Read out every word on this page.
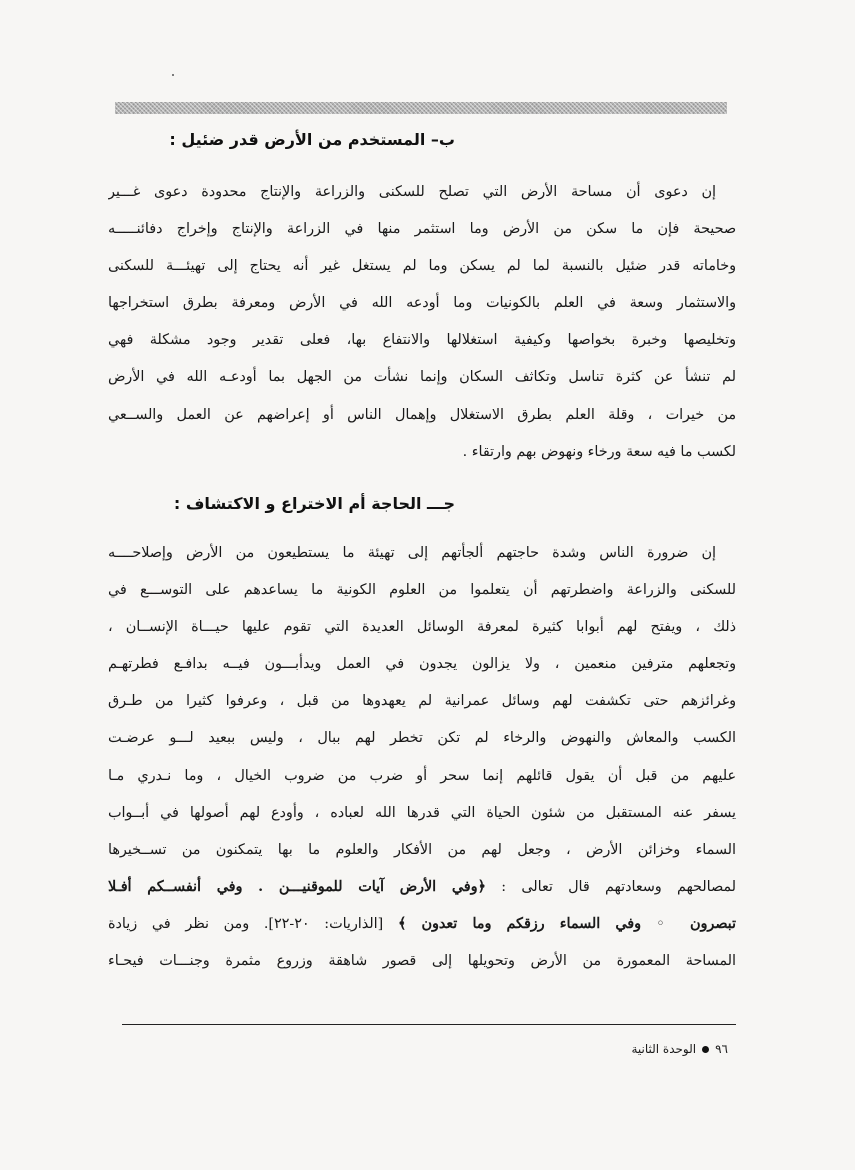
ب– المستخدم من الأرض قدر ضئيل :
إن دعوى أن مساحة الأرض التي تصلح للسكنى والزراعة والإنتاج محدودة دعوى غـــير
صحيحة فإن ما سكن من الأرض وما استثمر منها في الزراعة والإنتاج وإخراج دفائنـــــه
وخاماته قدر ضئيل بالنسبة لما لم يسكن وما لم يستغل غير أنه يحتاج إلى تهيئـــة للسكنى
والاستثمار وسعة في العلم بالكونيات وما أودعه الله في الأرض ومعرفة بطرق استخراجها
وتخليصها وخبرة بخواصها وكيفية استغلالها والانتفاع بها، فعلى تقدير وجود مشكلة فهي
لم تنشأ عن كثرة تناسل وتكاثف السكان وإنما نشأت من الجهل بما أودعـه الله في الأرض
من خيرات ، وقلة العلم بطرق الاستغلال وإهمال الناس أو إعراضهم عن العمل والســعي
لكسب ما فيه سعة ورخاء ونهوض بهم وارتقاء .
جـــ الحاجة أم الاختراع و الاكتشاف :
إن ضرورة الناس وشدة حاجتهم ألجأتهم إلى تهيئة ما يستطيعون من الأرض وإصلاحــــه
للسكنى والزراعة واضطرتهم أن يتعلموا من العلوم الكونية ما يساعدهم على التوســـع في
ذلك ، ويفتح لهم أبوابا كثيرة لمعرفة الوسائل العديدة التي تقوم عليها حيـــاة الإنســان ،
وتجعلهم مترفين منعمين ، ولا يزالون يجدون في العمل ويدأبـــون فيــه بدافـع فطرتهـم
وغرائزهم حتى تكشفت لهم وسائل عمرانية لم يعهدوها من قبل ، وعرفوا كثيرا من طـرق
الكسب والمعاش والنهوض والرخاء لم تكن تخطر لهم ببال ، وليس ببعيد لـــو عرضـت
عليهم من قبل أن يقول قائلهم إنما سحر أو ضرب من ضروب الخيال ، وما نـدري مـا
يسفر عنه المستقبل من شئون الحياة التي قدرها الله لعباده ، وأودع لهم أصولها في أبــواب
السماء وخزائن الأرض ، وجعل لهم من الأفكار والعلوم ما بها يتمكنون من تســخيرها
لمصالحهم وسعادتهم قال تعالى : ﴿وفي الأرض آيات للموقنيـــن . وفي أنفســكم أفـلا
تبصرون ◦ وفي السماء رزقكم وما تعدون ﴾ [الذاريات: ٢٠-٢٢]. ومن نظر في زيادة
المساحة المعمورة من الأرض وتحويلها إلى قصور شاهقة وزروع مثمرة وجنـــات فيحـاء
٩٦الوحدة الثانية
